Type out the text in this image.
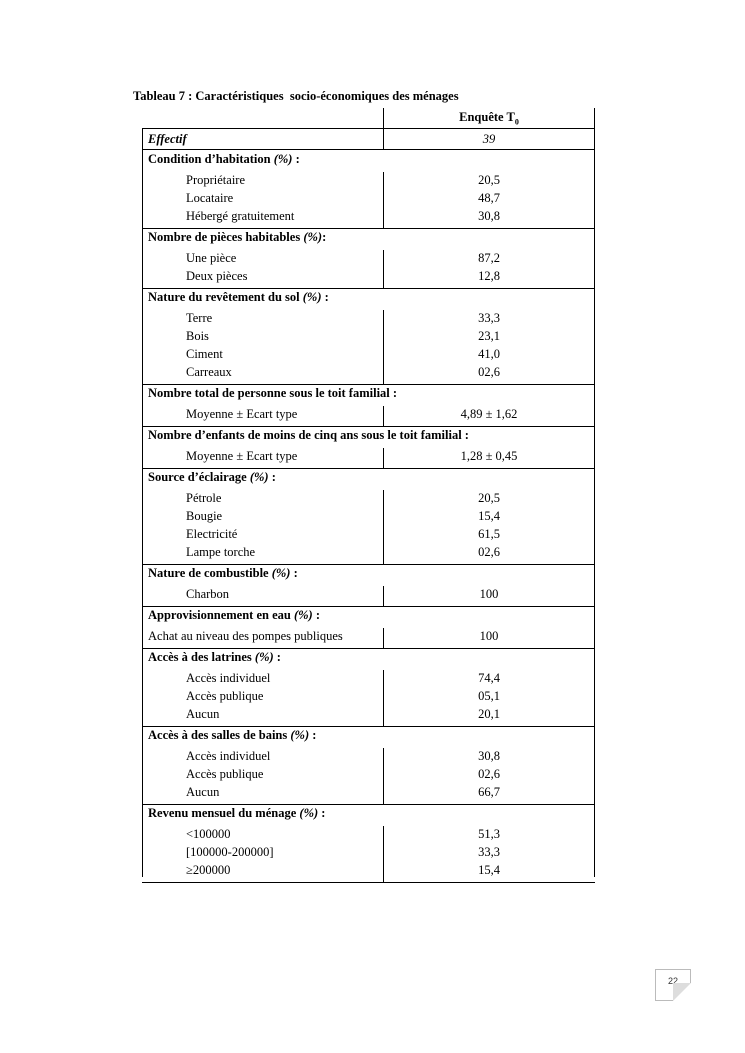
Tableau 7 : Caractéristiques  socio-économiques des ménages
Enquête $T_0$
Effectif	39
Condition d’habitation (%) :
Propriétaire	20,5
Locataire	48,7
Hébergé gratuitement	30,8
Nombre de pièces habitables (%):
Une pièce	87,2
Deux pièces	12,8
Nature du revêtement du sol (%) :
Terre	33,3
Bois	23,1
Ciment	41,0
Carreaux	02,6
Nombre total de personne sous le toit familial :
Moyenne ± Ecart type	4,89 ± 1,62
Nombre d’enfants de moins de cinq ans sous le toit familial :
Moyenne ± Ecart type	1,28 ± 0,45
Source d’éclairage (%) :
Pétrole	20,5
Bougie	15,4
Electricité	61,5
Lampe torche	02,6
Nature de combustible (%) :
Charbon	100
Approvisionnement en eau (%) :
Achat au niveau des pompes publiques	100
Accès à des latrines (%) :
Accès individuel	74,4
Accès publique	05,1
Aucun	20,1
Accès à des salles de bains (%) :
Accès individuel	30,8
Accès publique	02,6
Aucun	66,7
Revenu mensuel du ménage (%) :
<100000	51,3
[100000-200000]	33,3
≥200000	15,4
22
